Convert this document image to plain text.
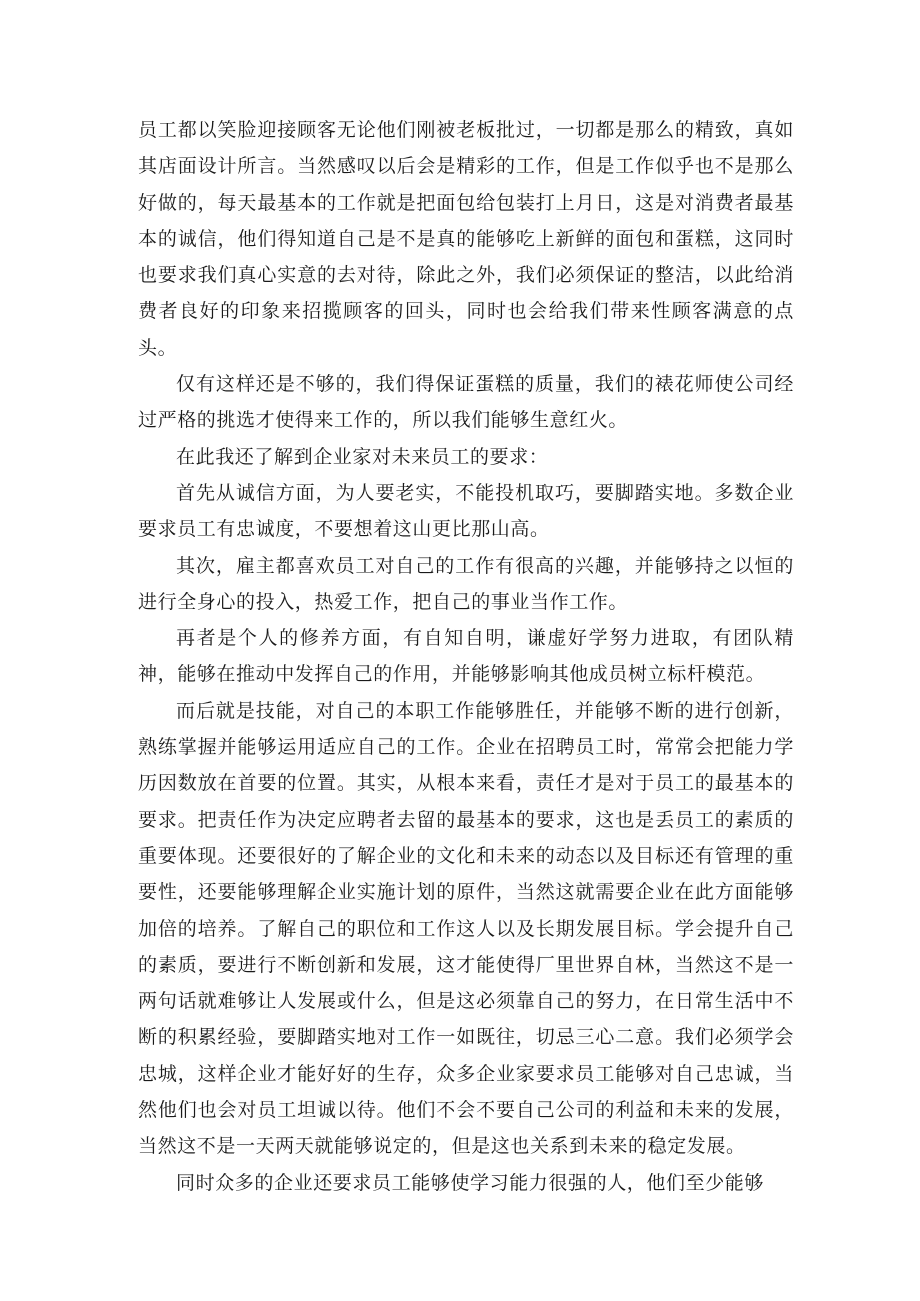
员工都以笑脸迎接顾客无论他们刚被老板批过，一切都是那么的精致，真如其店面设计所言。当然感叹以后会是精彩的工作，但是工作似乎也不是那么好做的，每天最基本的工作就是把面包给包装打上月日，这是对消费者最基本的诚信，他们得知道自己是不是真的能够吃上新鲜的面包和蛋糕，这同时也要求我们真心实意的去对待，除此之外，我们必须保证的整洁，以此给消费者良好的印象来招揽顾客的回头，同时也会给我们带来性顾客满意的点头。

仅有这样还是不够的，我们得保证蛋糕的质量，我们的裱花师使公司经过严格的挑选才使得来工作的，所以我们能够生意红火。

在此我还了解到企业家对未来员工的要求：

首先从诚信方面，为人要老实，不能投机取巧，要脚踏实地。多数企业要求员工有忠诚度，不要想着这山更比那山高。

其次，雇主都喜欢员工对自己的工作有很高的兴趣，并能够持之以恒的进行全身心的投入，热爱工作，把自己的事业当作工作。

再者是个人的修养方面，有自知自明，谦虚好学努力进取，有团队精神，能够在推动中发挥自己的作用，并能够影响其他成员树立标杆模范。

而后就是技能，对自己的本职工作能够胜任，并能够不断的进行创新，熟练掌握并能够运用适应自己的工作。企业在招聘员工时，常常会把能力学历因数放在首要的位置。其实，从根本来看，责任才是对于员工的最基本的要求。把责任作为决定应聘者去留的最基本的要求，这也是丢员工的素质的重要体现。还要很好的了解企业的文化和未来的动态以及目标还有管理的重要性，还要能够理解企业实施计划的原件，当然这就需要企业在此方面能够加倍的培养。了解自己的职位和工作这人以及长期发展目标。学会提升自己的素质，要进行不断创新和发展，这才能使得厂里世界自林，当然这不是一两句话就难够让人发展或什么，但是这必须靠自己的努力，在日常生活中不断的积累经验，要脚踏实地对工作一如既往，切忌三心二意。我们必须学会忠城，这样企业才能好好的生存，众多企业家要求员工能够对自己忠诚，当然他们也会对员工坦诚以待。他们不会不要自己公司的利益和未来的发展，当然这不是一天两天就能够说定的，但是这也关系到未来的稳定发展。

同时众多的企业还要求员工能够使学习能力很强的人，他们至少能够
